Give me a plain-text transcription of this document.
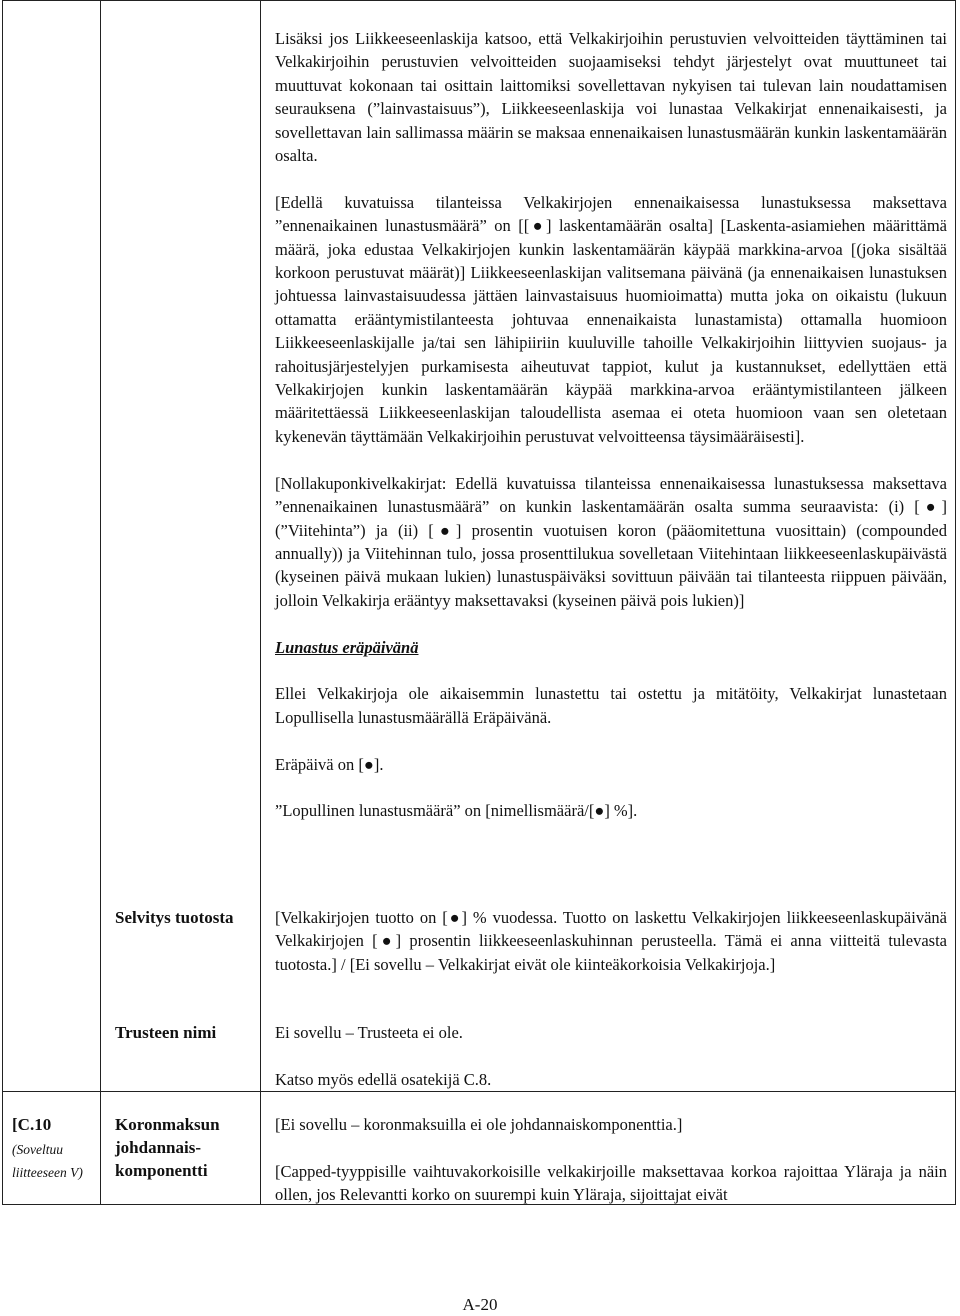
Lisäksi jos Liikkeeseenlaskija katsoo, että Velkakirjoihin perustuvien velvoitteiden täyttäminen tai Velkakirjoihin perustuvien velvoitteiden suojaamiseksi tehdyt järjestelyt ovat muuttuneet tai muuttuvat kokonaan tai osittain laittomiksi sovellettavan nykyisen tai tulevan lain noudattamisen seurauksena (”lainvastaisuus”), Liikkeeseenlaskija voi lunastaa Velkakirjat ennenaikaisesti, ja sovellettavan lain sallimassa määrin se maksaa ennenaikaisen lunastusmäärän kunkin laskentamäärän osalta.

[Edellä kuvatuissa tilanteissa Velkakirjojen ennenaikaisessa lunastuksessa maksettava ”ennenaikainen lunastusmäärä” on [[●] laskentamäärän osalta] [Laskenta-asiamiehen määrittämä määrä, joka edustaa Velkakirjojen kunkin laskentamäärän käypää markkina-arvoa [(joka sisältää korkoon perustuvat määrät)] Liikkeeseenlaskijan valitsemana päivänä (ja ennenaikaisen lunastuksen johtuessa lainvastaisuudessa jättäen lainvastaisuus huomioimatta) mutta joka on oikaistu (lukuun ottamatta erääntymistilanteesta johtuvaa ennenaikaista lunastamista) ottamalla huomioon Liikkeeseenlaskijalle ja/tai sen lähipiiriin kuuluville tahoille Velkakirjoihin liittyvien suojaus- ja rahoitusjärjestelyjen purkamisesta aiheutuvat tappiot, kulut ja kustannukset, edellyttäen että Velkakirjojen kunkin laskentamäärän käypää markkina-arvoa erääntymistilanteen jälkeen määritettäessä Liikkeeseenlaskijan taloudellista asemaa ei oteta huomioon vaan sen oletetaan kykenevän täyttämään Velkakirjoihin perustuvat velvoitteensa täysimääräisesti].

[Nollakuponkivelkakirjat: Edellä kuvatuissa tilanteissa ennenaikaisessa lunastuksessa maksettava ”ennenaikainen lunastusmäärä” on kunkin laskentamäärän osalta summa seuraavista: (i) [●] (”Viitehinta”) ja (ii) [●] prosentin vuotuisen koron (pääomitettuna vuosittain) (compounded annually)) ja Viitehinnan tulo, jossa prosenttilukua sovelletaan Viitehintaan liikkeeseenlaskupäivästä (kyseinen päivä mukaan lukien) lunastuspäiväksi sovittuun päivään tai tilanteesta riippuen päivään, jolloin Velkakirja erääntyy maksettavaksi (kyseinen päivä pois lukien)]

Lunastus eräpäivänä

Ellei Velkakirjoja ole aikaisemmin lunastettu tai ostettu ja mitätöity, Velkakirjat lunastetaan Lopullisella lunastusmäärällä Eräpäivänä.

Eräpäivä on [●].

”Lopullinen lunastusmäärä” on [nimellismäärä/[●] %].

Selvitys tuotosta	[Velkakirjojen tuotto on [●] % vuodessa. Tuotto on laskettu Velkakirjojen liikkeeseenlaskupäivänä Velkakirjojen [●] prosentin liikkeeseenlaskuhinnan perusteella. Tämä ei anna viitteitä tulevasta tuotosta.] / [Ei sovellu – Velkakirjat eivät ole kiinteäkorkoisia Velkakirjoja.]

Trusteen nimi	Ei sovellu – Trusteeta ei ole.

Katso myös edellä osatekijä C.8.

[C.10
(Soveltuu liitteeseen V)
Koronmaksun johdannais-komponentti

[Ei sovellu – koronmaksuilla ei ole johdannaiskomponenttia.]

[Capped-tyyppisille vaihtuvakorkoisille velkakirjoille maksettavaa korkoa rajoittaa Yläraja ja näin ollen, jos Relevantti korko on suurempi kuin Yläraja, sijoittajat eivät

A-20
